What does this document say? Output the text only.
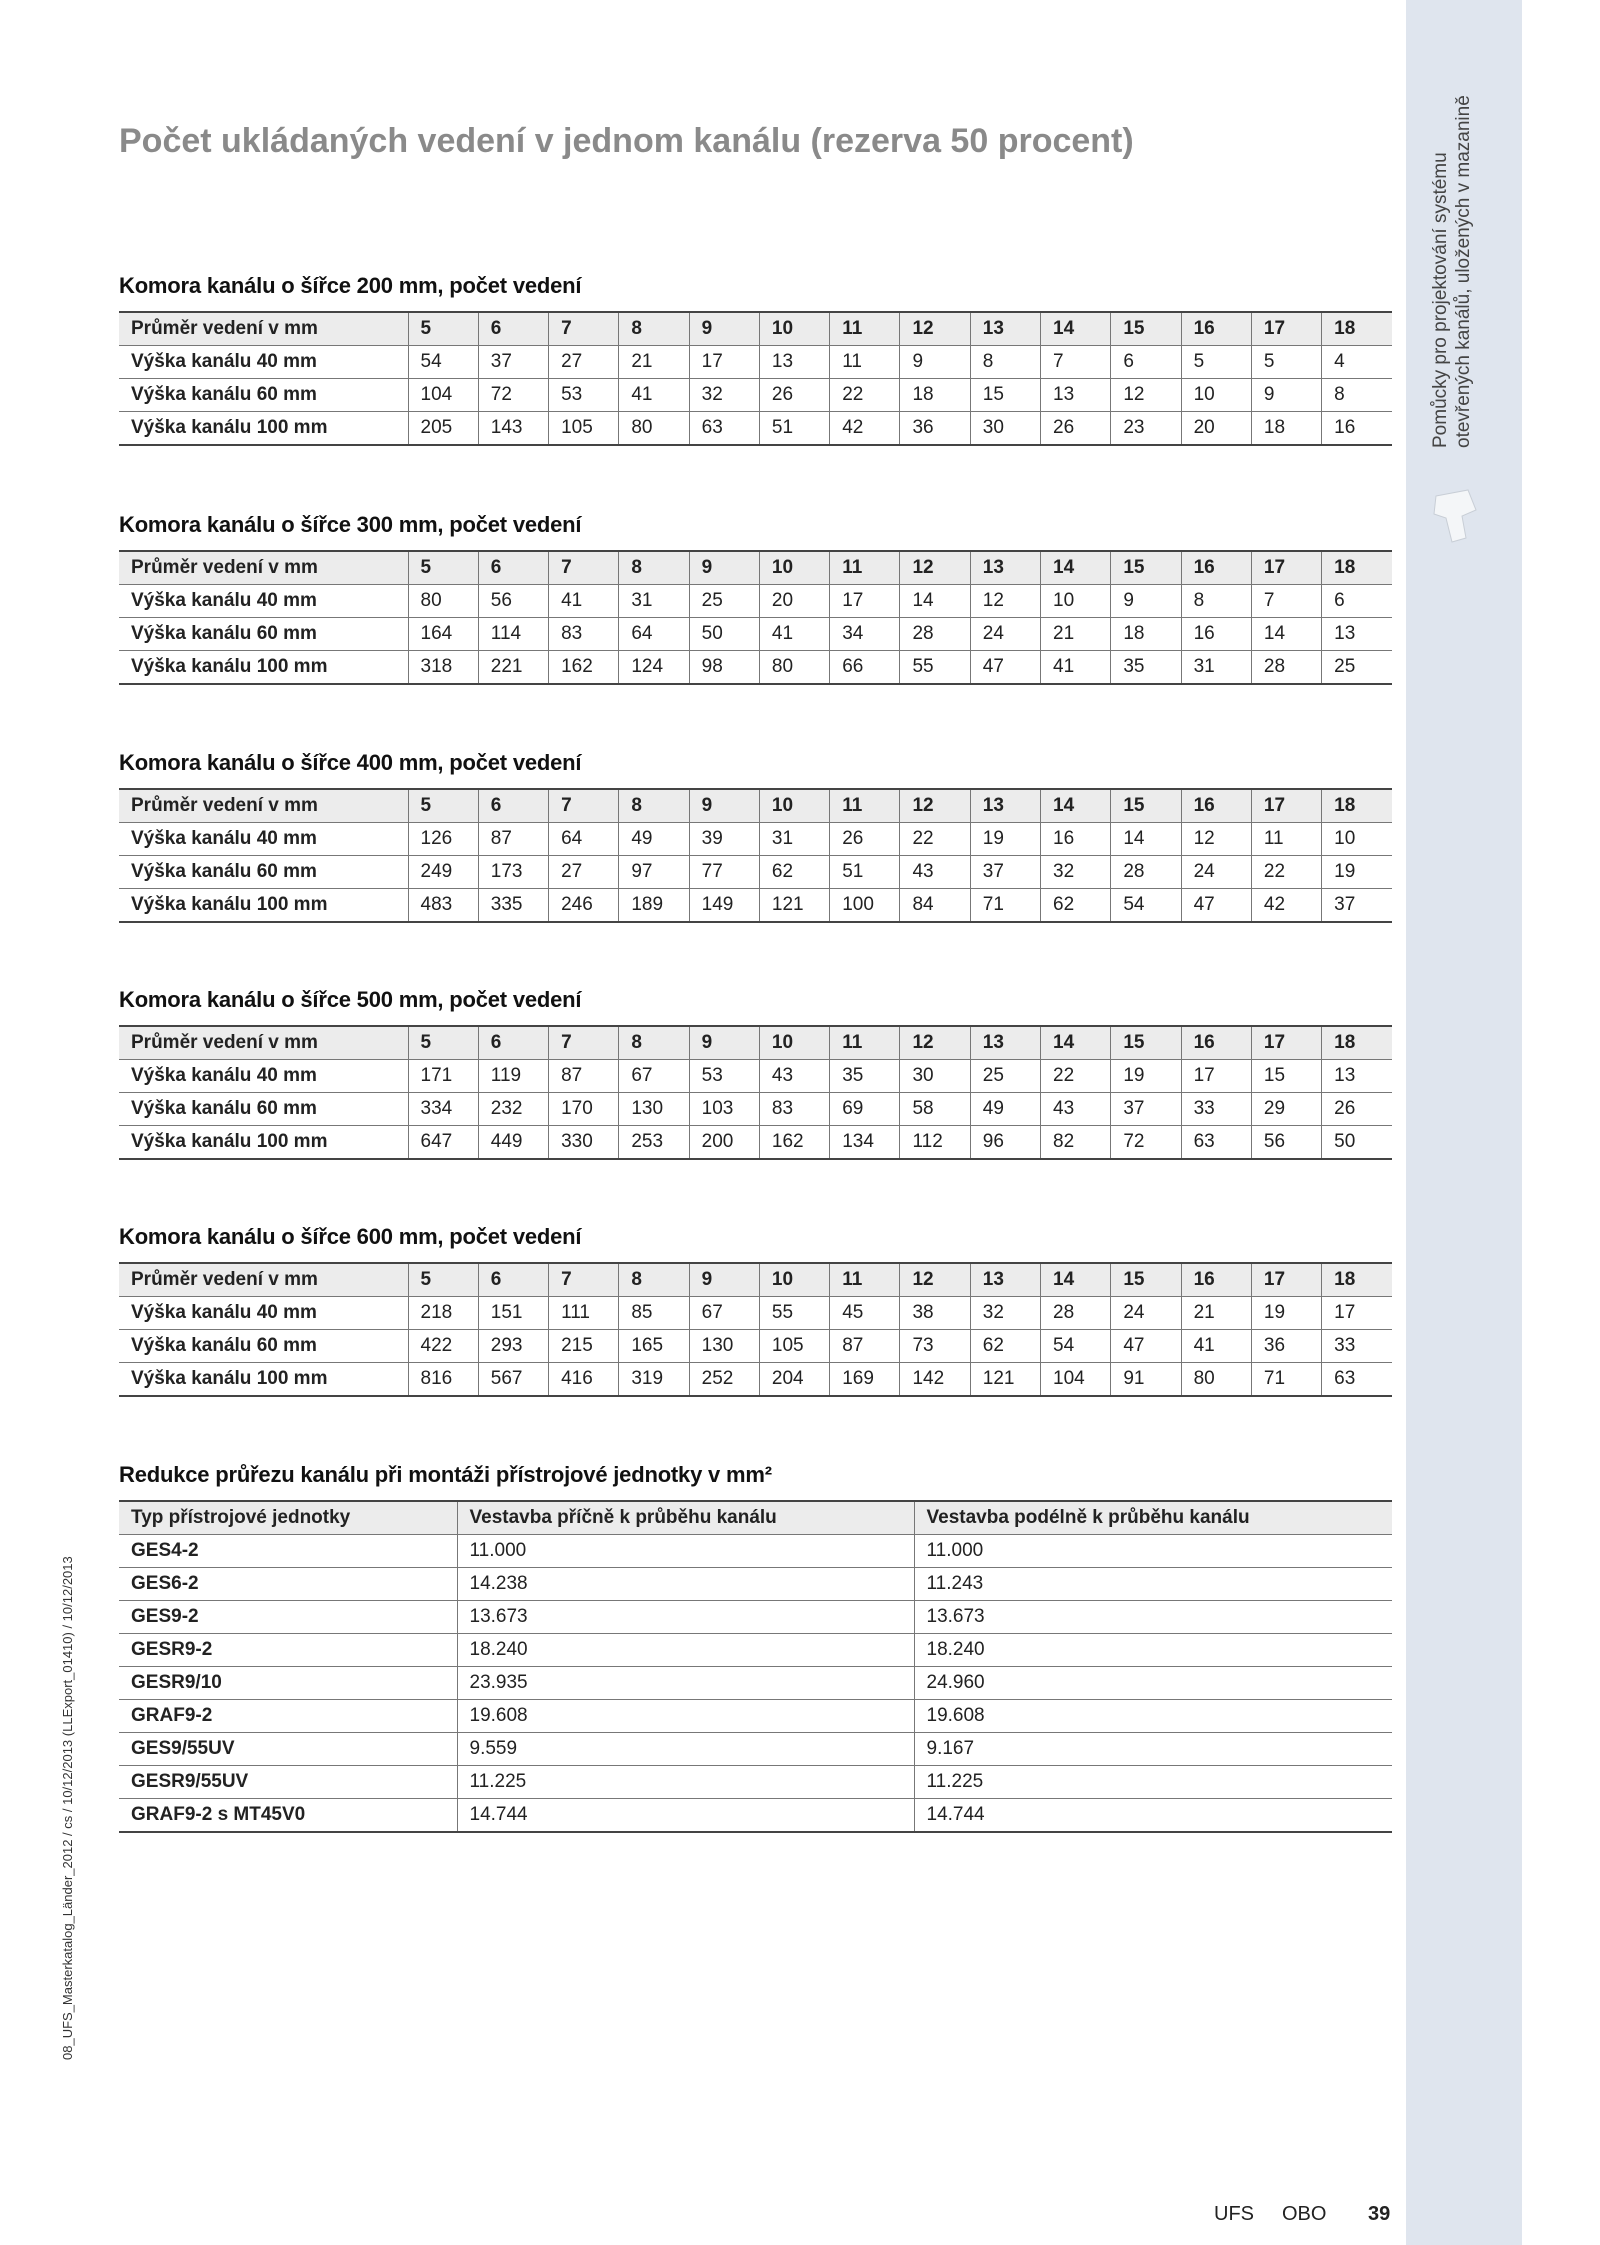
Pomůcky pro projektování systému otevřených kanálů, uložených v mazanině
Počet ukládaných vedení v jednom kanálu (rezerva 50 procent)
Komora kanálu o šířce 200 mm, počet vedení
Průměr vedení v mm	5	6	7	8	9	10	11	12	13	14	15	16	17	18
Výška kanálu 40 mm	54	37	27	21	17	13	11	9	8	7	6	5	5	4
Výška kanálu 60 mm	104	72	53	41	32	26	22	18	15	13	12	10	9	8
Výška kanálu 100 mm	205	143	105	80	63	51	42	36	30	26	23	20	18	16
Komora kanálu o šířce 300 mm, počet vedení
Průměr vedení v mm	5	6	7	8	9	10	11	12	13	14	15	16	17	18
Výška kanálu 40 mm	80	56	41	31	25	20	17	14	12	10	9	8	7	6
Výška kanálu 60 mm	164	114	83	64	50	41	34	28	24	21	18	16	14	13
Výška kanálu 100 mm	318	221	162	124	98	80	66	55	47	41	35	31	28	25
Komora kanálu o šířce 400 mm, počet vedení
Průměr vedení v mm	5	6	7	8	9	10	11	12	13	14	15	16	17	18
Výška kanálu 40 mm	126	87	64	49	39	31	26	22	19	16	14	12	11	10
Výška kanálu 60 mm	249	173	27	97	77	62	51	43	37	32	28	24	22	19
Výška kanálu 100 mm	483	335	246	189	149	121	100	84	71	62	54	47	42	37
Komora kanálu o šířce 500 mm, počet vedení
Průměr vedení v mm	5	6	7	8	9	10	11	12	13	14	15	16	17	18
Výška kanálu 40 mm	171	119	87	67	53	43	35	30	25	22	19	17	15	13
Výška kanálu 60 mm	334	232	170	130	103	83	69	58	49	43	37	33	29	26
Výška kanálu 100 mm	647	449	330	253	200	162	134	112	96	82	72	63	56	50
Komora kanálu o šířce 600 mm, počet vedení
Průměr vedení v mm	5	6	7	8	9	10	11	12	13	14	15	16	17	18
Výška kanálu 40 mm	218	151	111	85	67	55	45	38	32	28	24	21	19	17
Výška kanálu 60 mm	422	293	215	165	130	105	87	73	62	54	47	41	36	33
Výška kanálu 100 mm	816	567	416	319	252	204	169	142	121	104	91	80	71	63
Redukce průřezu kanálu při montáži přístrojové jednotky v mm²
Typ přístrojové jednotky	Vestavba příčně k průběhu kanálu	Vestavba podélně k průběhu kanálu
GES4-2	11.000	11.000
GES6-2	14.238	11.243
GES9-2	13.673	13.673
GESR9-2	18.240	18.240
GESR9/10	23.935	24.960
GRAF9-2	19.608	19.608
GES9/55UV	9.559	9.167
GESR9/55UV	11.225	11.225
GRAF9-2 s MT45V0	14.744	14.744
08_UFS_Masterkatalog_Länder_2012 / cs / 10/12/2013 (LLExport_01410) / 10/12/2013
UFS OBO 39
